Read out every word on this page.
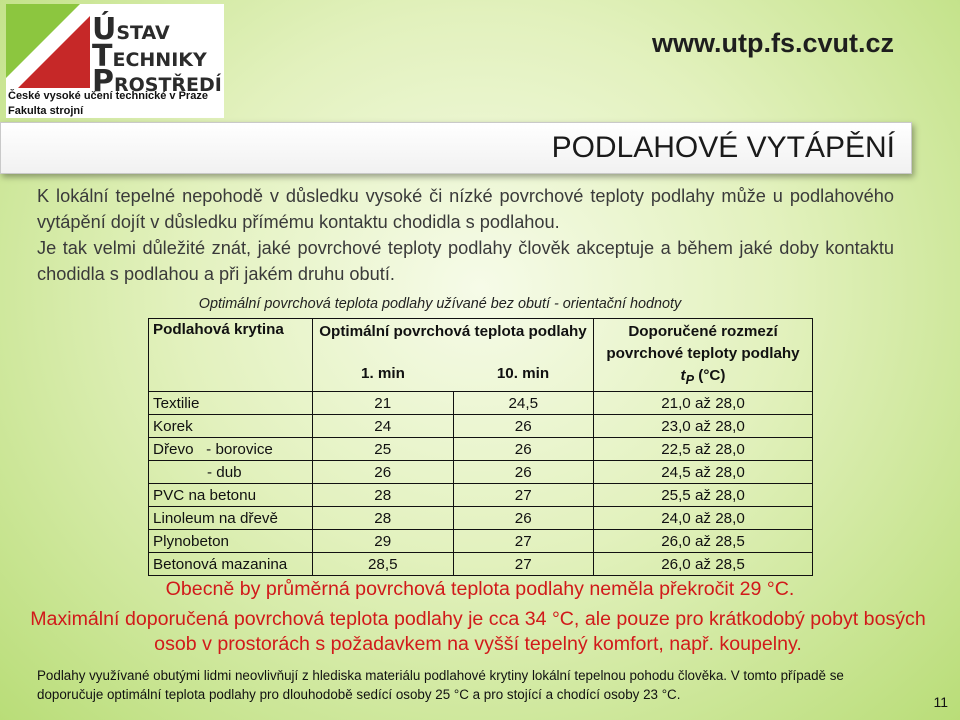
ÚSTAV
TECHNIKY
PROSTŘEDÍ
České vysoké učení technické v Praze
Fakulta strojní
www.utp.fs.cvut.cz
PODLAHOVÉ VYTÁPĚNÍ

K lokální tepelné nepohodě v důsledku vysoké či nízké povrchové teploty podlahy může u podlahového vytápění dojít v důsledku přímému kontaktu chodidla s podlahou.

Je tak velmi důležité znát, jaké povrchové teploty podlahy člověk akceptuje a během jaké doby kontaktu chodidla s podlahou a při jakém druhu obutí.

Optimální povrchová teplota podlahy užívané bez obutí - orientační hodnoty
Podlahová krytina	Optimální povrchová teplota podlahy		Doporučené rozmezí povrchové teploty podlahy
$t_P$ (°C)
	1. min	10. min	
Textilie	21	24,5	21,0 až 28,0
Korek	24	26	23,0 až 28,0
Dřevo   - borovice	25	26	22,5 až 28,0
- dub	26	26	24,5 až 28,0
PVC na betonu	28	27	25,5 až 28,0
Linoleum na dřevě	28	26	24,0 až 28,0
Plynobeton	29	27	26,0 až 28,5
Betonová mazanina	28,5	27	26,0 až 28,5
Obecně by průměrná povrchová teplota podlahy neměla překročit 29 °C.
Maximální doporučená povrchová teplota podlahy je cca 34 °C, ale pouze pro krátkodobý pobyt bosých osob v prostorách s požadavkem na vyšší tepelný komfort, např. koupelny.

Podlahy využívané obutými lidmi neovlivňují z hlediska materiálu podlahové krytiny lokální tepelnou pohodu člověka. V tomto případě se doporučuje optimální teplota podlahy pro dlouhodobě sedící osoby 25 °C a pro stojící a chodící osoby 23 °C.	11
